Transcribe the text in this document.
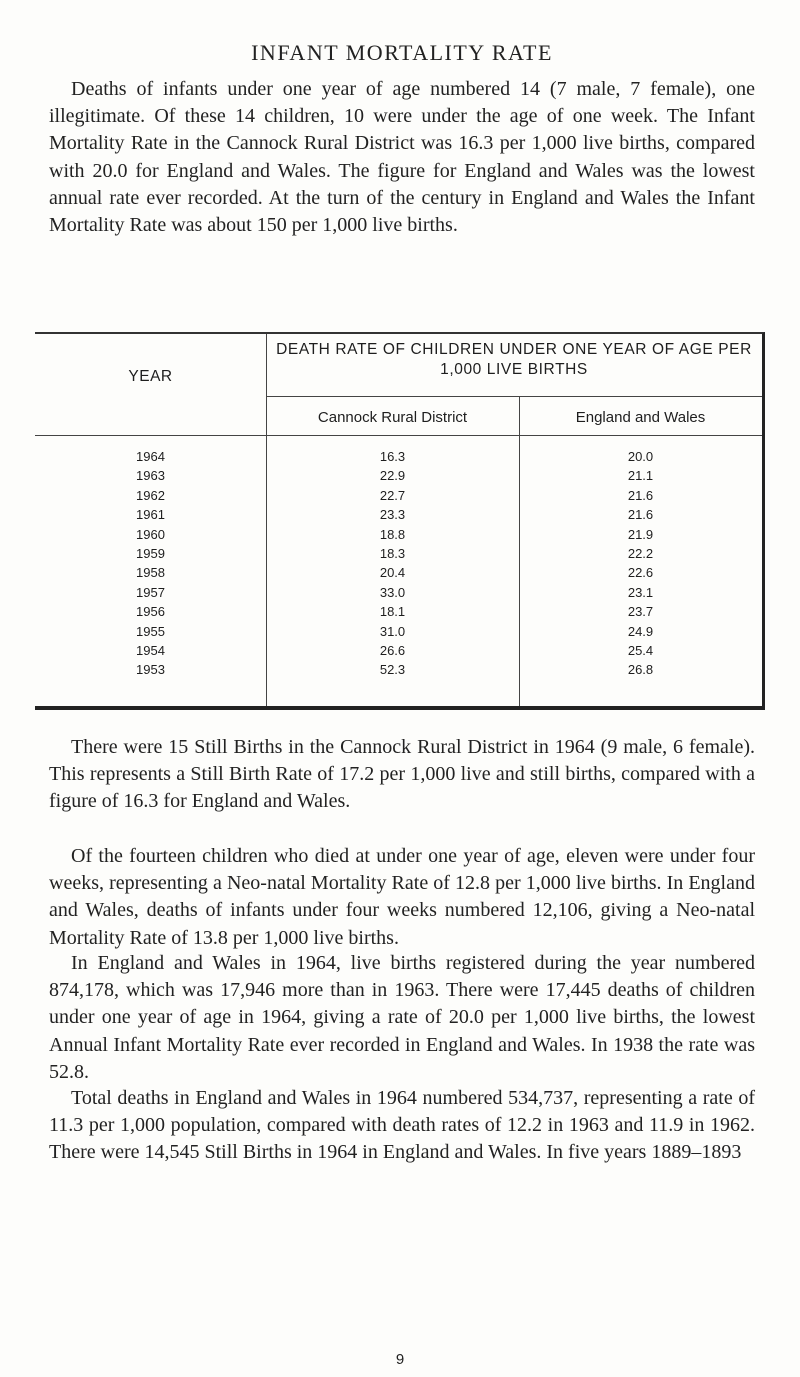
INFANT MORTALITY RATE

Deaths of infants under one year of age numbered 14 (7 male, 7 female), one illegitimate. Of these 14 children, 10 were under the age of one week. The Infant Mortality Rate in the Cannock Rural District was 16.3 per 1,000 live births, compared with 20.0 for England and Wales. The figure for England and Wales was the lowest annual rate ever recorded. At the turn of the century in England and Wales the Infant Mortality Rate was about 150 per 1,000 live births.

YEAR
DEATH RATE OF CHILDREN UNDER ONE YEAR OF AGE PER 1,000 LIVE BIRTHS
Cannock Rural District	England and Wales
1964	16.3	20.0
1963	22.9	21.1
1962	22.7	21.6
1961	23.3	21.6
1960	18.8	21.9
1959	18.3	22.2
1958	20.4	22.6
1957	33.0	23.1
1956	18.1	23.7
1955	31.0	24.9
1954	26.6	25.4
1953	52.3	26.8

There were 15 Still Births in the Cannock Rural District in 1964 (9 male, 6 female). This represents a Still Birth Rate of 17.2 per 1,000 live and still births, compared with a figure of 16.3 for England and Wales.

Of the fourteen children who died at under one year of age, eleven were under four weeks, representing a Neo-natal Mortality Rate of 12.8 per 1,000 live births. In England and Wales, deaths of infants under four weeks numbered 12,106, giving a Neo-natal Mortality Rate of 13.8 per 1,000 live births.

In England and Wales in 1964, live births registered during the year numbered 874,178, which was 17,946 more than in 1963. There were 17,445 deaths of children under one year of age in 1964, giving a rate of 20.0 per 1,000 live births, the lowest Annual Infant Mortality Rate ever recorded in England and Wales. In 1938 the rate was 52.8.

Total deaths in England and Wales in 1964 numbered 534,737, representing a rate of 11.3 per 1,000 population, compared with death rates of 12.2 in 1963 and 11.9 in 1962. There were 14,545 Still Births in 1964 in England and Wales. In five years 1889–1893

9
